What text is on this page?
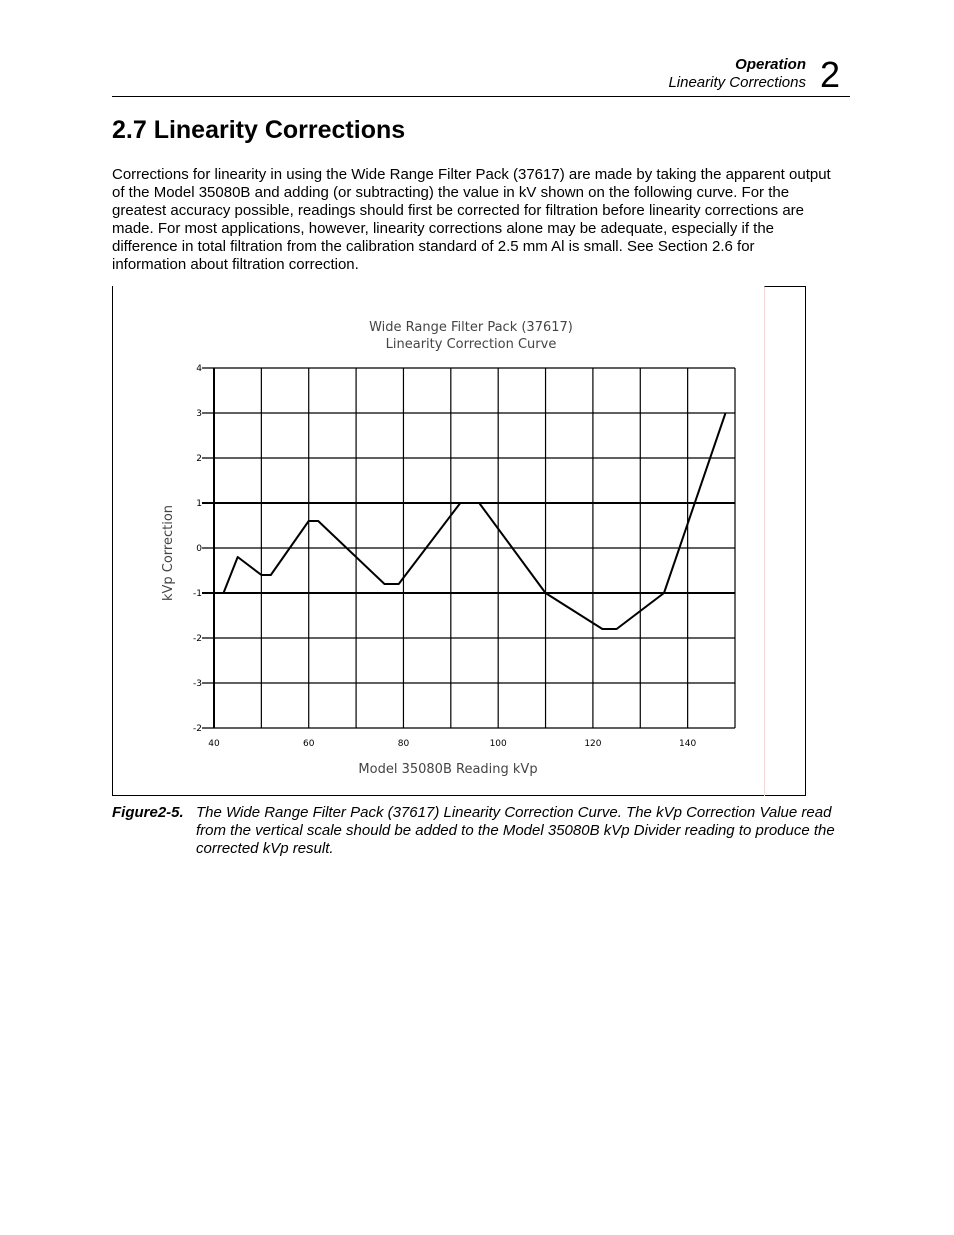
Operation
Linearity Corrections 2
2.7 Linearity Corrections

Corrections for linearity in using the Wide Range Filter Pack (37617) are made by taking the apparent output of the Model 35080B and adding (or subtracting) the value in kV shown on the following curve. For the greatest accuracy possible, readings should first be corrected for filtration before linearity corrections are made. For most applications, however, linearity corrections alone may be adequate, especially if the difference in total filtration from the calibration standard of 2.5 mm Al is small. See Section 2.6 for information about filtration correction.

Wide Range Filter Pack (37617)
Linearity Correction Curve
Model 35080B Reading kVp
kVp Correction
4
3
2
1
0
-1
-2
-3
-2
40	60	80	100	120	140
Figure2-5. The Wide Range Filter Pack (37617) Linearity Correction Curve. The kVp Correction Value read from the vertical scale should be added to the Model 35080B kVp Divider reading to produce the corrected kVp result.
